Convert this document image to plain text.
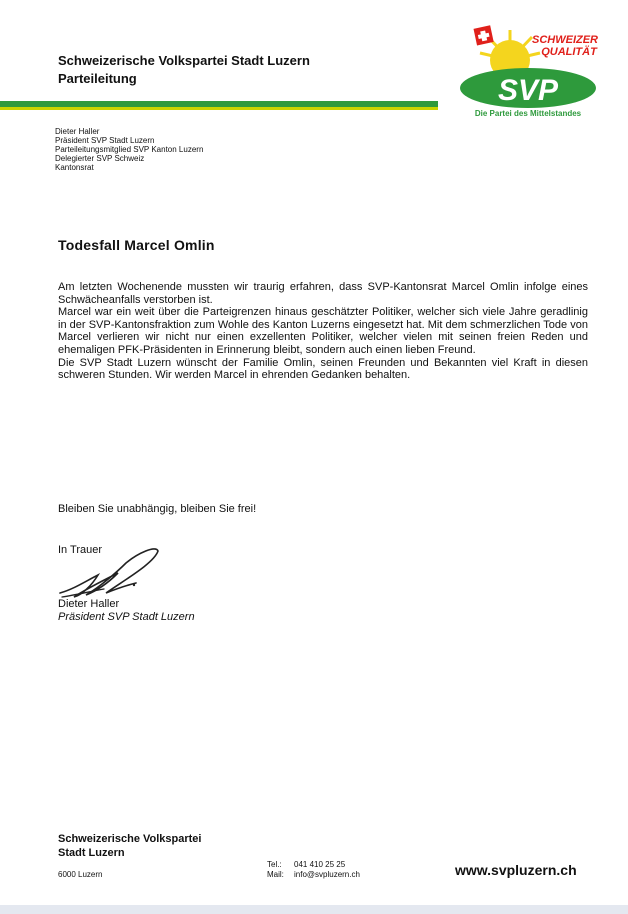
Schweizerische Volkspartei Stadt Luzern
Parteileitung
SCHWEIZER
QUALITÄT
SVP
Die Partei des Mittelstandes
Dieter Haller
Präsident SVP Stadt Luzern
Parteileitungsmitglied SVP Kanton Luzern
Delegierter SVP Schweiz
Kantonsrat
Todesfall Marcel Omlin

Am letzten Wochenende mussten wir traurig erfahren, dass SVP-Kantonsrat Marcel Omlin infolge eines Schwächeanfalls verstorben ist.

Marcel war ein weit über die Parteigrenzen hinaus geschätzter Politiker, welcher sich viele Jahre geradlinig in der SVP-Kantonsfraktion zum Wohle des Kanton Luzerns eingesetzt hat. Mit dem schmerzlichen Tode von Marcel verlieren wir nicht nur einen exzellenten Politiker, welcher vielen mit seinen freien Reden und ehemaligen PFK-Präsidenten in Erinnerung bleibt, sondern auch einen lieben Freund.

Die SVP Stadt Luzern wünscht der Familie Omlin, seinen Freunden und Bekannten viel Kraft in diesen schweren Stunden. Wir werden Marcel in ehrenden Gedanken behalten.

Bleiben Sie unabhängig, bleiben Sie frei!
In Trauer
Dieter Haller
Präsident SVP Stadt Luzern
Schweizerische Volkspartei
Stadt Luzern
6000 Luzern
Tel.: 041 410 25 25
Mail: info@svpluzern.ch	www.svpluzern.ch
